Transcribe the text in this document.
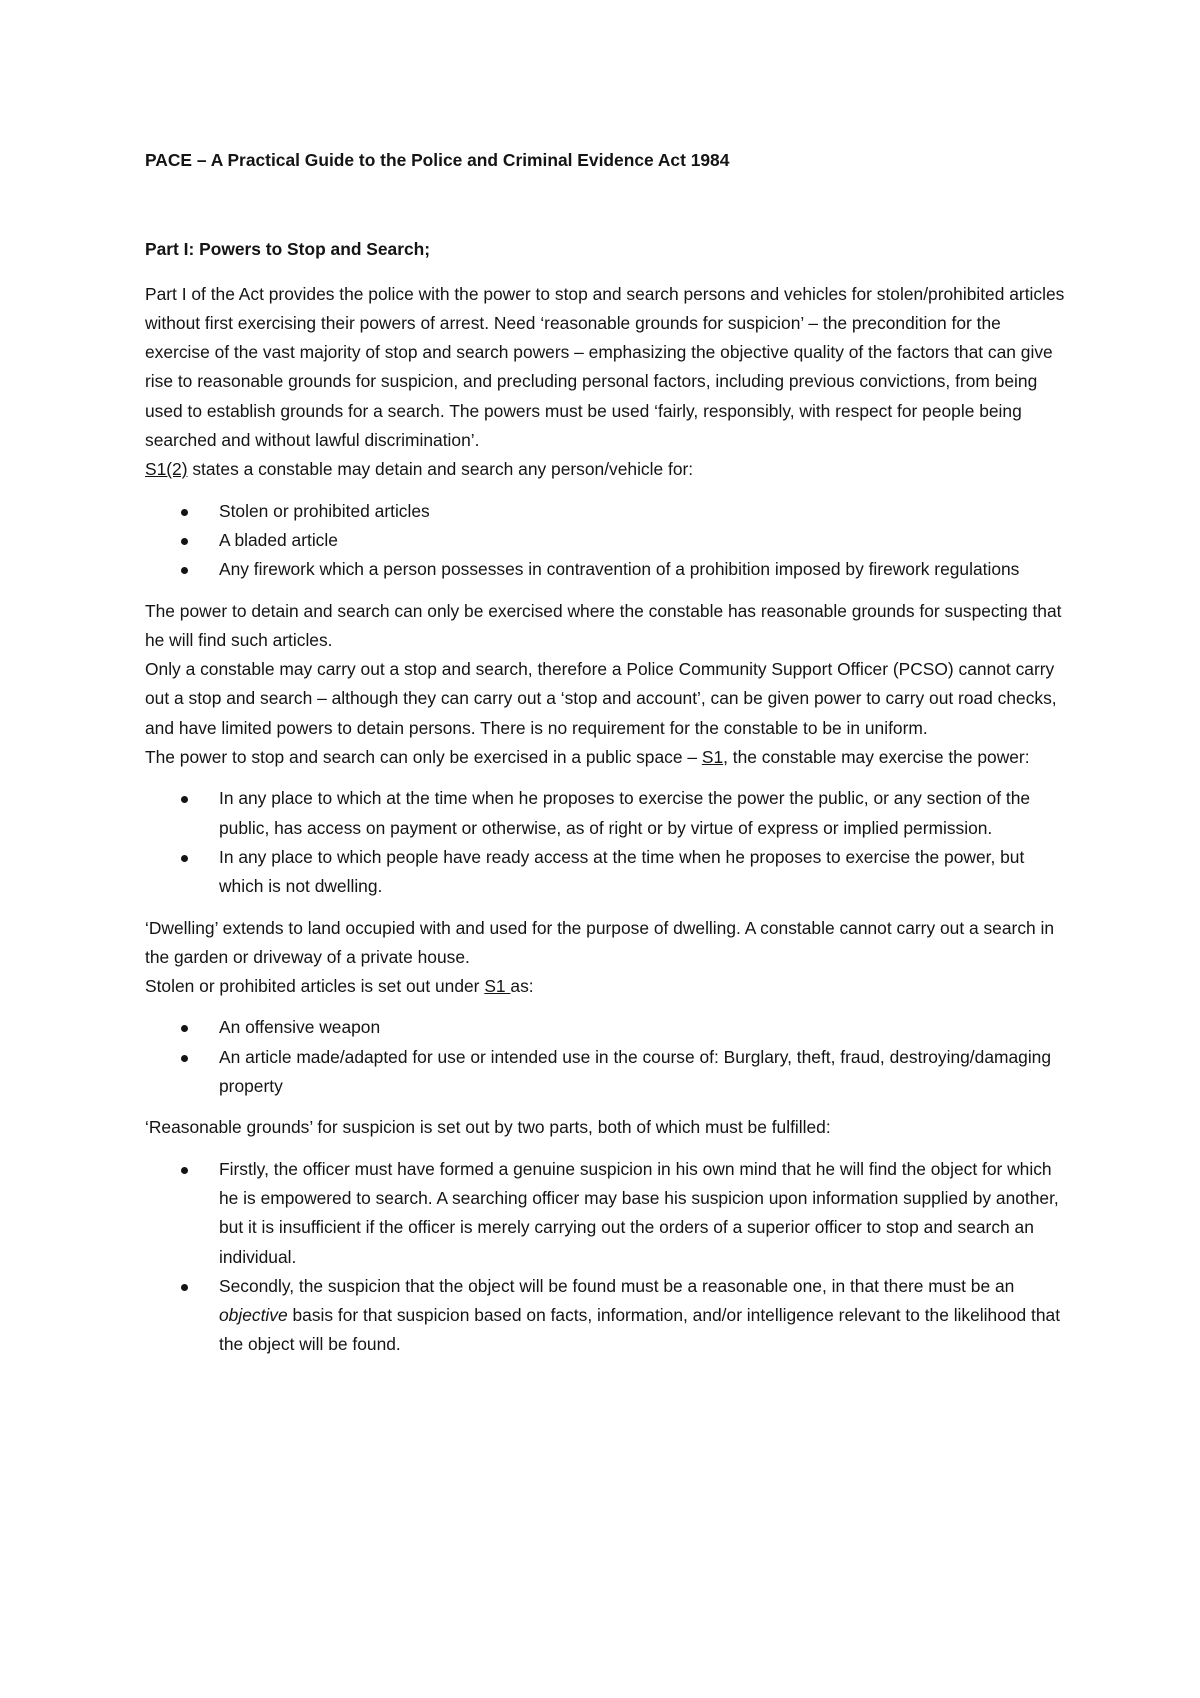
PACE – A Practical Guide to the Police and Criminal Evidence Act 1984

Part I: Powers to Stop and Search;

Part I of the Act provides the police with the power to stop and search persons and vehicles for stolen/prohibited articles without first exercising their powers of arrest. Need ‘reasonable grounds for suspicion’ – the precondition for the exercise of the vast majority of stop and search powers – emphasizing the objective quality of the factors that can give rise to reasonable grounds for suspicion, and precluding personal factors, including previous convictions, from being used to establish grounds for a search. The powers must be used ‘fairly, responsibly, with respect for people being searched and without lawful discrimination’.

S1(2) states a constable may detain and search any person/vehicle for:

Stolen or prohibited articles
A bladed article
Any firework which a person possesses in contravention of a prohibition imposed by firework regulations

The power to detain and search can only be exercised where the constable has reasonable grounds for suspecting that he will find such articles.

Only a constable may carry out a stop and search, therefore a Police Community Support Officer (PCSO) cannot carry out a stop and search – although they can carry out a ‘stop and account’, can be given power to carry out road checks, and have limited powers to detain persons. There is no requirement for the constable to be in uniform.

The power to stop and search can only be exercised in a public space – S1, the constable may exercise the power:

In any place to which at the time when he proposes to exercise the power the public, or any section of the public, has access on payment or otherwise, as of right or by virtue of express or implied permission.
In any place to which people have ready access at the time when he proposes to exercise the power, but which is not dwelling.

‘Dwelling’ extends to land occupied with and used for the purpose of dwelling. A constable cannot carry out a search in the garden or driveway of a private house.

Stolen or prohibited articles is set out under S1 as:

An offensive weapon
An article made/adapted for use or intended use in the course of: Burglary, theft, fraud, destroying/damaging property

‘Reasonable grounds’ for suspicion is set out by two parts, both of which must be fulfilled:

Firstly, the officer must have formed a genuine suspicion in his own mind that he will find the object for which he is empowered to search. A searching officer may base his suspicion upon information supplied by another, but it is insufficient if the officer is merely carrying out the orders of a superior officer to stop and search an individual.
Secondly, the suspicion that the object will be found must be a reasonable one, in that there must be an objective basis for that suspicion based on facts, information, and/or intelligence relevant to the likelihood that the object will be found.
